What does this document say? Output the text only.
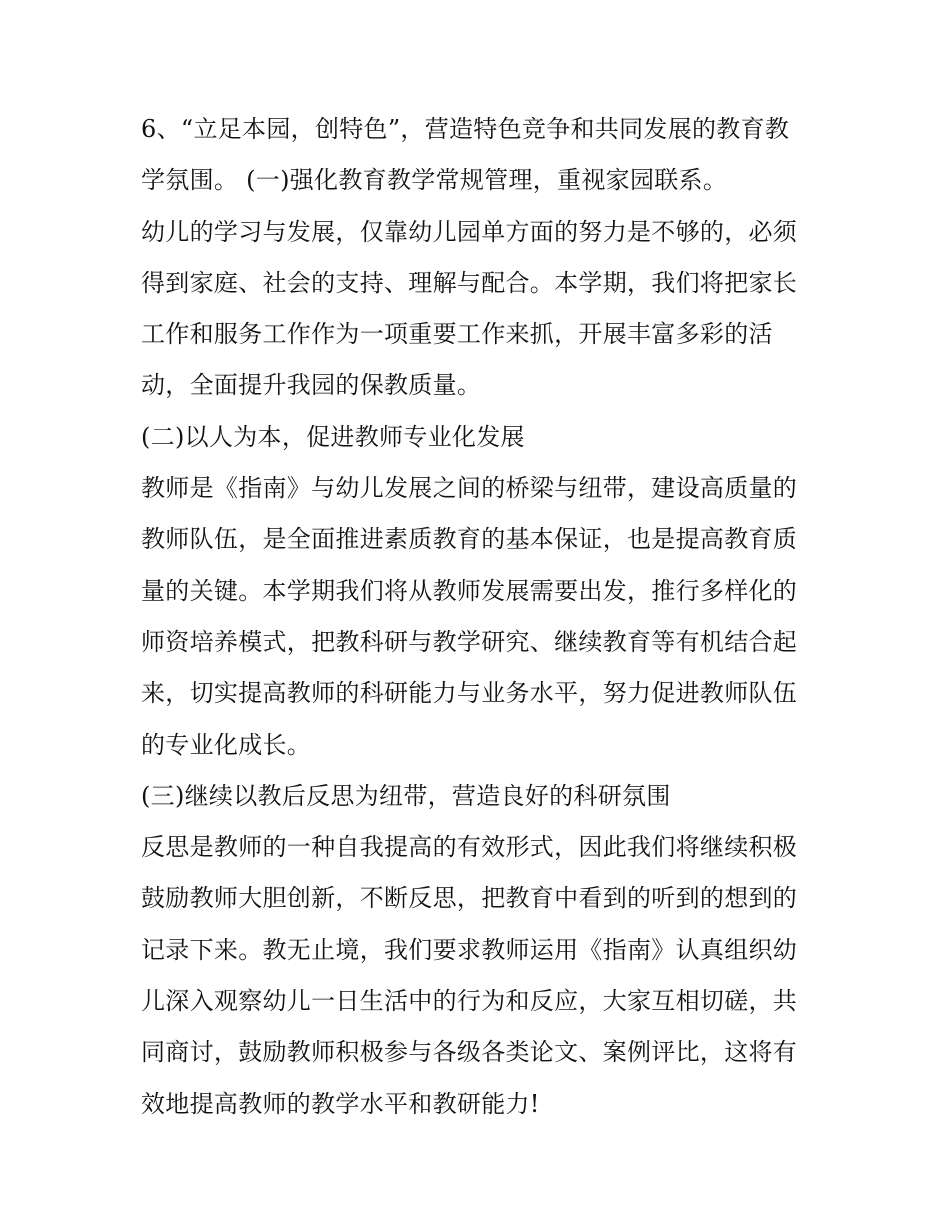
6、“立足本园，创特色”，营造特色竞争和共同发展的教育教
学氛围。 (一)强化教育教学常规管理，重视家园联系。
幼儿的学习与发展，仅靠幼儿园单方面的努力是不够的，必须
得到家庭、社会的支持、理解与配合。本学期，我们将把家长
工作和服务工作作为一项重要工作来抓，开展丰富多彩的活
动，全面提升我园的保教质量。
(二)以人为本，促进教师专业化发展
教师是《指南》与幼儿发展之间的桥梁与纽带，建设高质量的
教师队伍，是全面推进素质教育的基本保证，也是提高教育质
量的关键。本学期我们将从教师发展需要出发，推行多样化的
师资培养模式，把教科研与教学研究、继续教育等有机结合起
来，切实提高教师的科研能力与业务水平，努力促进教师队伍
的专业化成长。
(三)继续以教后反思为纽带，营造良好的科研氛围
反思是教师的一种自我提高的有效形式，因此我们将继续积极
鼓励教师大胆创新，不断反思，把教育中看到的听到的想到的
记录下来。教无止境，我们要求教师运用《指南》认真组织幼
儿深入观察幼儿一日生活中的行为和反应，大家互相切磋，共
同商讨，鼓励教师积极参与各级各类论文、案例评比，这将有
效地提高教师的教学水平和教研能力!
